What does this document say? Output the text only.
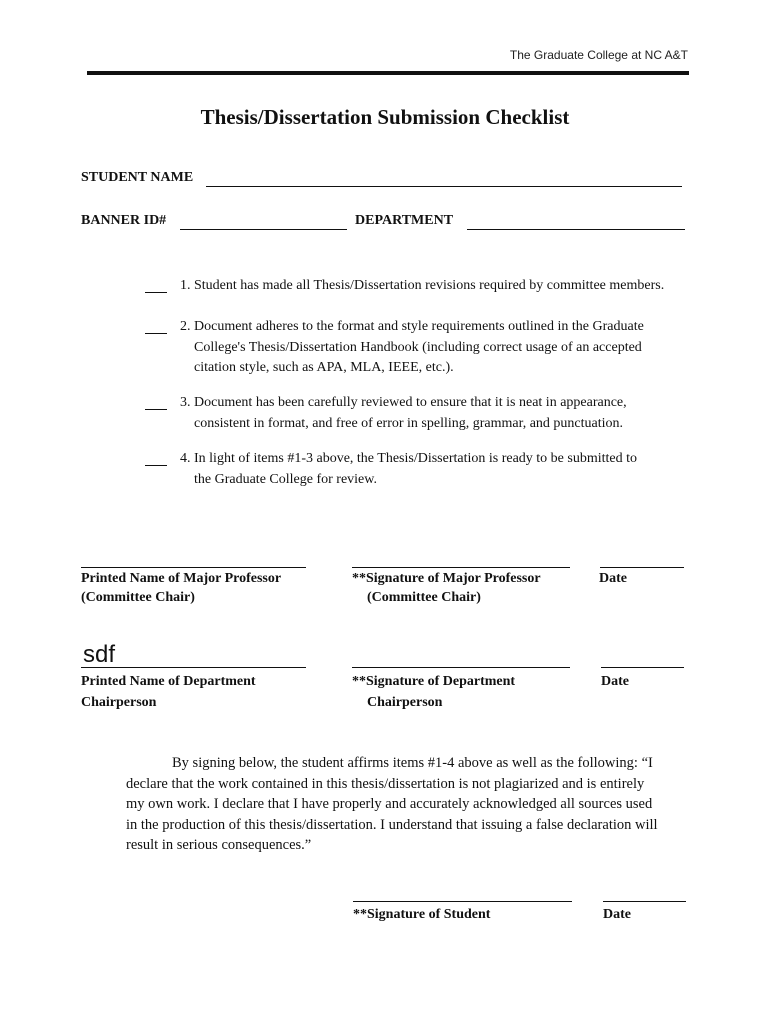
The Graduate College at NC A&T
Thesis/Dissertation Submission Checklist
STUDENT NAME
BANNER ID#	DEPARTMENT
1. Student has made all Thesis/Dissertation revisions required by committee members.
2. Document adheres to the format and style requirements outlined in the Graduate
College's Thesis/Dissertation Handbook (including correct usage of an accepted
citation style, such as APA, MLA, IEEE, etc.).
3. Document has been carefully reviewed to ensure that it is neat in appearance,
consistent in format, and free of error in spelling, grammar, and punctuation.
4. In light of items #1-3 above, the Thesis/Dissertation is ready to be submitted to
the Graduate College for review.
Printed Name of Major Professor
(Committee Chair)
**Signature of Major Professor
(Committee Chair)
Date
sdf
Printed Name of Department
Chairperson
**Signature of Department
Chairperson
Date
By signing below, the student affirms items #1-4 above as well as the following: “I
declare that the work contained in this thesis/dissertation is not plagiarized and is entirely
my own work. I declare that I have properly and accurately acknowledged all sources used
in the production of this thesis/dissertation. I understand that issuing a false declaration will
result in serious consequences.”
**Signature of Student	Date
